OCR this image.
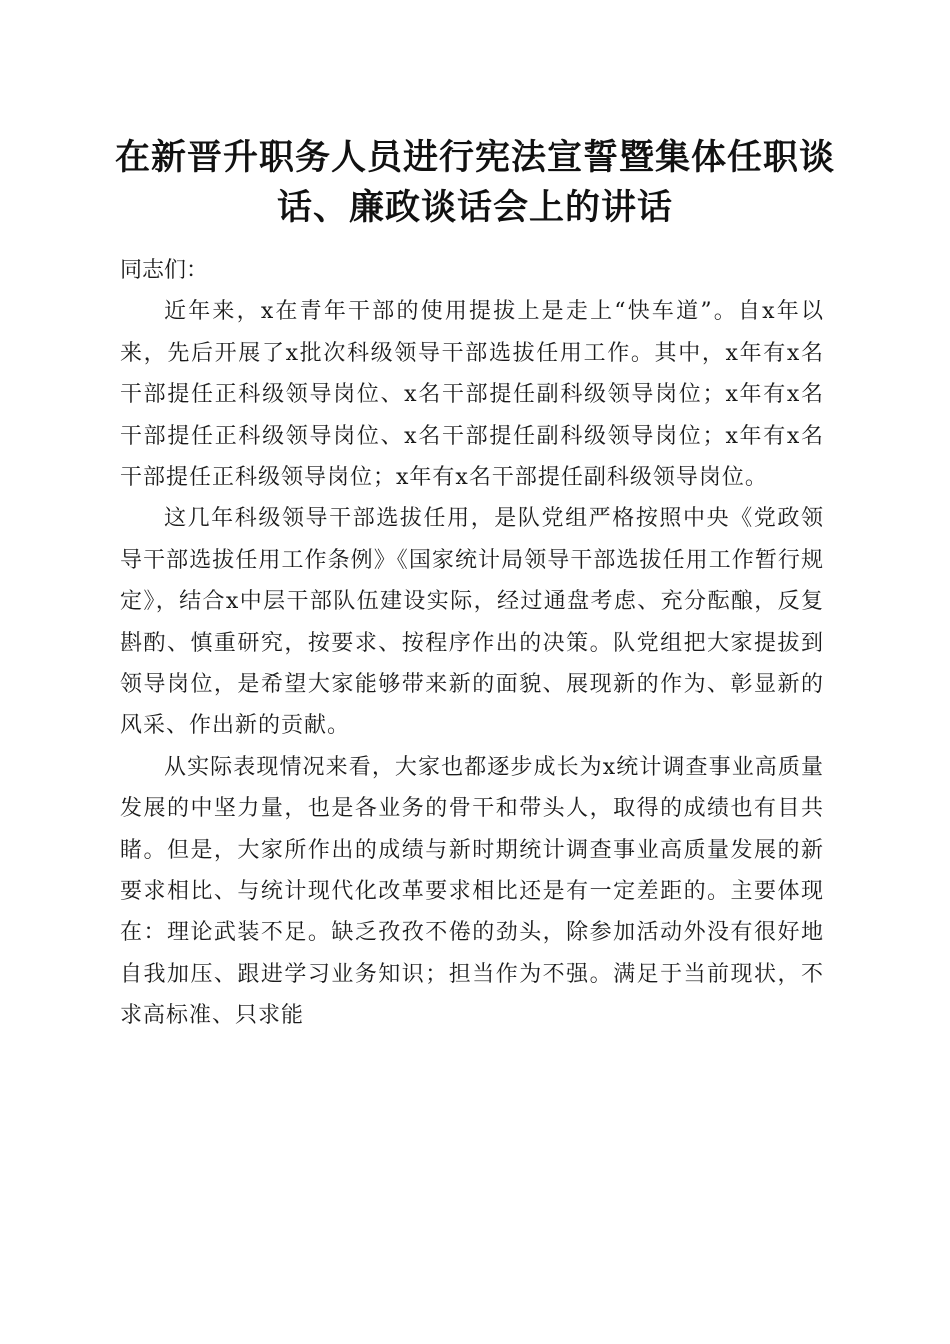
在新晋升职务人员进行宪法宣誓暨集体任职谈
话、廉政谈话会上的讲话

同志们：

近年来，x在青年干部的使用提拔上是走上“快车道”。自x年以来，先后开展了x批次科级领导干部选拔任用工作。其中，x年有x名干部提任正科级领导岗位、x名干部提任副科级领导岗位；x年有x名干部提任正科级领导岗位、x名干部提任副科级领导岗位；x年有x名干部提任正科级领导岗位；x年有x名干部提任副科级领导岗位。

这几年科级领导干部选拔任用，是队党组严格按照中央《党政领导干部选拔任用工作条例》《国家统计局领导干部选拔任用工作暂行规定》，结合x中层干部队伍建设实际，经过通盘考虑、充分酝酿，反复斟酌、慎重研究，按要求、按程序作出的决策。队党组把大家提拔到领导岗位，是希望大家能够带来新的面貌、展现新的作为、彰显新的风采、作出新的贡献。

从实际表现情况来看，大家也都逐步成长为x统计调查事业高质量发展的中坚力量，也是各业务的骨干和带头人，取得的成绩也有目共睹。但是，大家所作出的成绩与新时期统计调查事业高质量发展的新要求相比、与统计现代化改革要求相比还是有一定差距的。主要体现在：理论武装不足。缺乏孜孜不倦的劲头，除参加活动外没有很好地自我加压、跟进学习业务知识；担当作为不强。满足于当前现状，不求高标准、只求能
